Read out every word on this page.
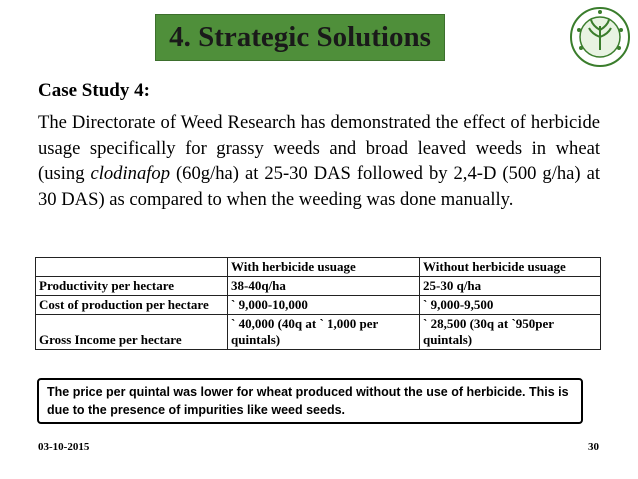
4. Strategic Solutions
Case Study 4:
The Directorate of Weed Research has demonstrated the effect of herbicide usage specifically for grassy weeds and broad leaved weeds in wheat (using clodinafop (60g/ha) at 25-30 DAS followed by 2,4-D (500 g/ha) at 30 DAS) as compared to when the weeding was done manually.
	With herbicide usuage	Without herbicide usuage
Productivity per hectare	38-40q/ha	25-30 q/ha
Cost of production per hectare	` 9,000-10,000	` 9,000-9,500
Gross Income per hectare	` 40,000 (40q at ` 1,000 per quintals)	` 28,500 (30q at `950per quintals)
The price per quintal was lower for wheat produced without the use of herbicide. This is due to the presence of impurities like weed seeds.
03-10-2015	30
